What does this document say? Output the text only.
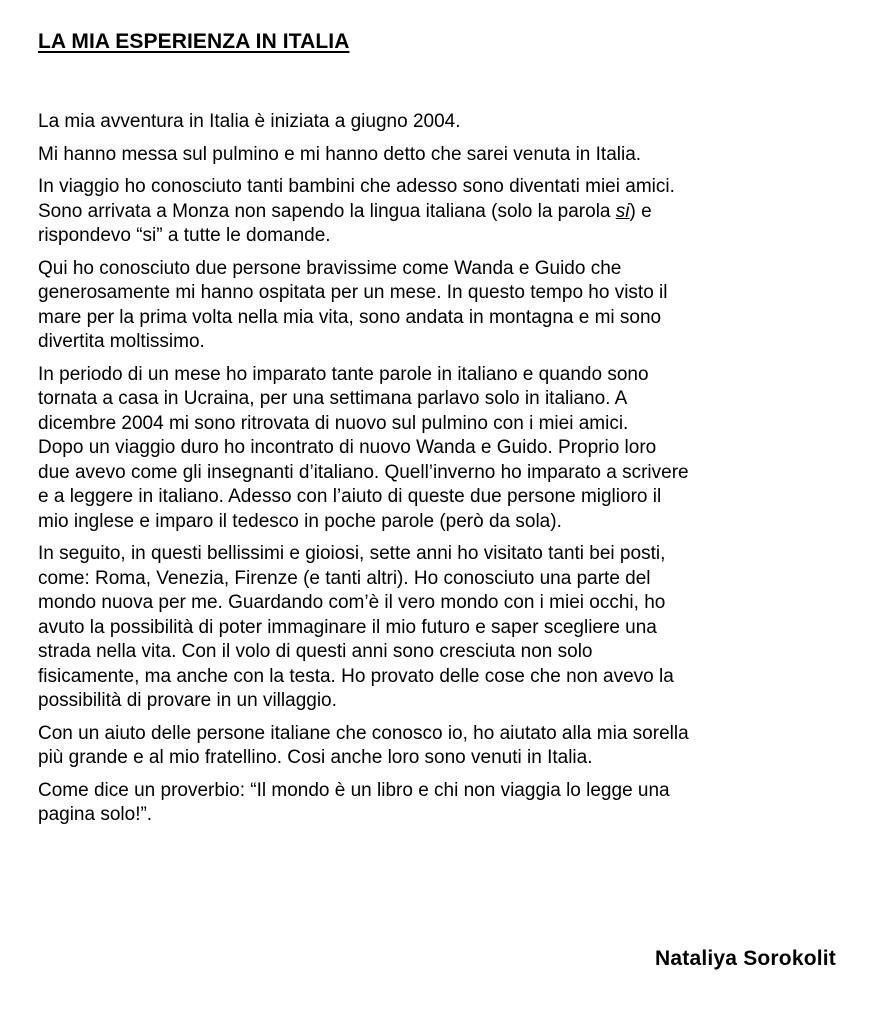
LA MIA ESPERIENZA IN ITALIA

La mia avventura in Italia è iniziata a giugno 2004.

Mi hanno messa sul pulmino e mi hanno detto che sarei venuta in Italia.

In viaggio ho conosciuto tanti bambini che adesso sono diventati miei amici.
Sono arrivata a Monza non sapendo la lingua italiana (solo la parola si) e
rispondevo “si” a tutte le domande.

Qui ho conosciuto due persone bravissime come Wanda e Guido che
generosamente mi hanno ospitata per un mese. In questo tempo ho visto il
mare per la prima volta nella mia vita, sono andata in montagna e mi sono
divertita moltissimo.

In periodo di un mese ho imparato tante parole in italiano e quando sono
tornata a casa in Ucraina, per una settimana parlavo solo in italiano. A
dicembre 2004 mi sono ritrovata di nuovo sul pulmino con i miei amici.
Dopo un viaggio duro ho incontrato di nuovo Wanda e Guido. Proprio loro
due avevo come gli insegnanti d’italiano. Quell’inverno ho imparato a scrivere
e a leggere in italiano. Adesso con l’aiuto di queste due persone miglioro il
mio inglese e imparo il tedesco in poche parole (però da sola).

In seguito, in questi bellissimi e gioiosi, sette anni ho visitato tanti bei posti,
come: Roma, Venezia, Firenze (e tanti altri). Ho conosciuto una parte del
mondo nuova per me. Guardando com’è il vero mondo con i miei occhi, ho
avuto la possibilità di poter immaginare il mio futuro e saper scegliere una
strada nella vita. Con il volo di questi anni sono cresciuta non solo
fisicamente, ma anche con la testa. Ho provato delle cose che non avevo la
possibilità di provare in un villaggio.

Con un aiuto delle persone italiane che conosco io, ho aiutato alla mia sorella
più grande e al mio fratellino. Cosi anche loro sono venuti in Italia.

Come dice un proverbio: “Il mondo è un libro e chi non viaggia lo legge una
pagina solo!”.

Nataliya Sorokolit
